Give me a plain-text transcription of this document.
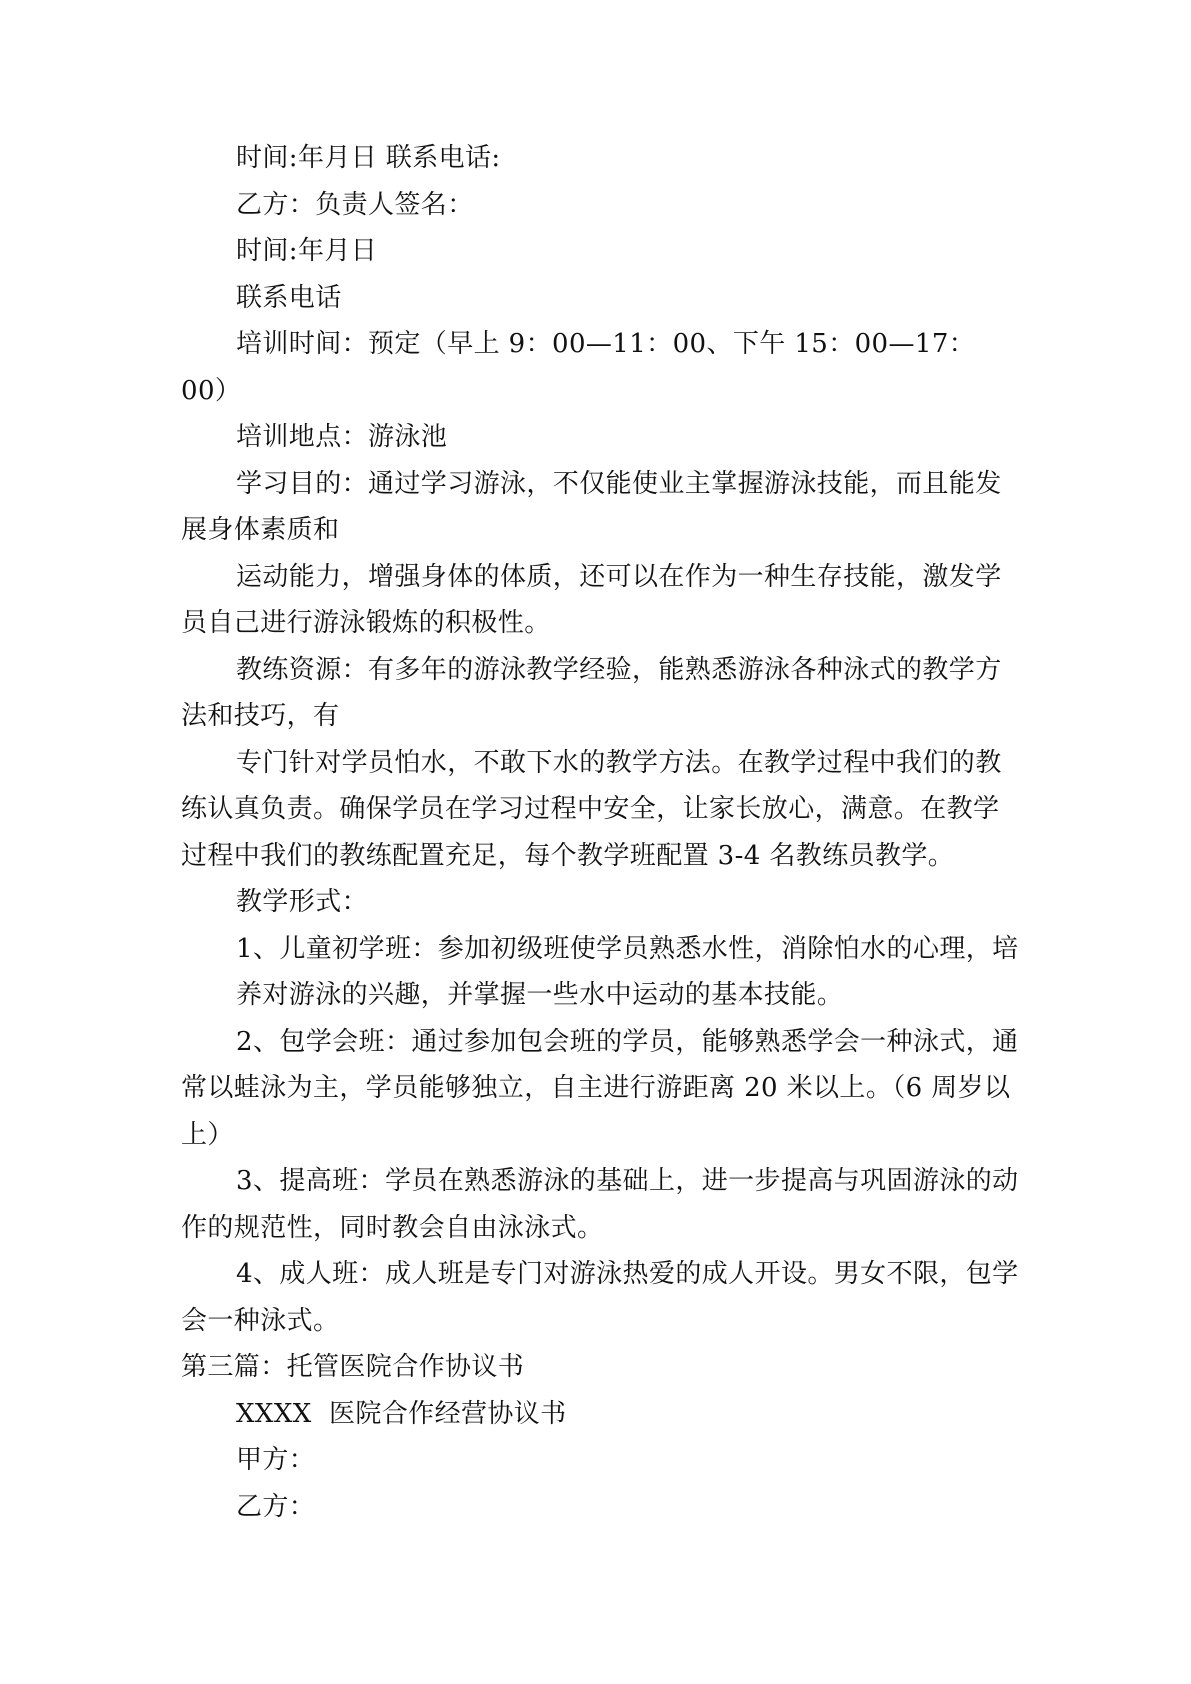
时间:年月日 联系电话:

乙方：负责人签名：

时间:年月日

联系电话

培训时间：预定（早上 9：00—11：00、下午 15：00—17：00）

培训地点：游泳池

学习目的：通过学习游泳，不仅能使业主掌握游泳技能，而且能发展身体素质和

运动能力，增强身体的体质，还可以在作为一种生存技能，激发学员自己进行游泳锻炼的积极性。

教练资源：有多年的游泳教学经验，能熟悉游泳各种泳式的教学方法和技巧，有

专门针对学员怕水，不敢下水的教学方法。在教学过程中我们的教练认真负责。确保学员在学习过程中安全，让家长放心，满意。在教学过程中我们的教练配置充足，每个教学班配置 3-4 名教练员教学。

教学形式：

1、儿童初学班：参加初级班使学员熟悉水性，消除怕水的心理，培

养对游泳的兴趣，并掌握一些水中运动的基本技能。

2、包学会班：通过参加包会班的学员，能够熟悉学会一种泳式，通常以蛙泳为主，学员能够独立，自主进行游距离 20 米以上。（6 周岁以上）

3、提高班：学员在熟悉游泳的基础上，进一步提高与巩固游泳的动作的规范性，同时教会自由泳泳式。

4、成人班：成人班是专门对游泳热爱的成人开设。男女不限，包学会一种泳式。

第三篇：托管医院合作协议书

XXXX  医院合作经营协议书

甲方：

乙方：
